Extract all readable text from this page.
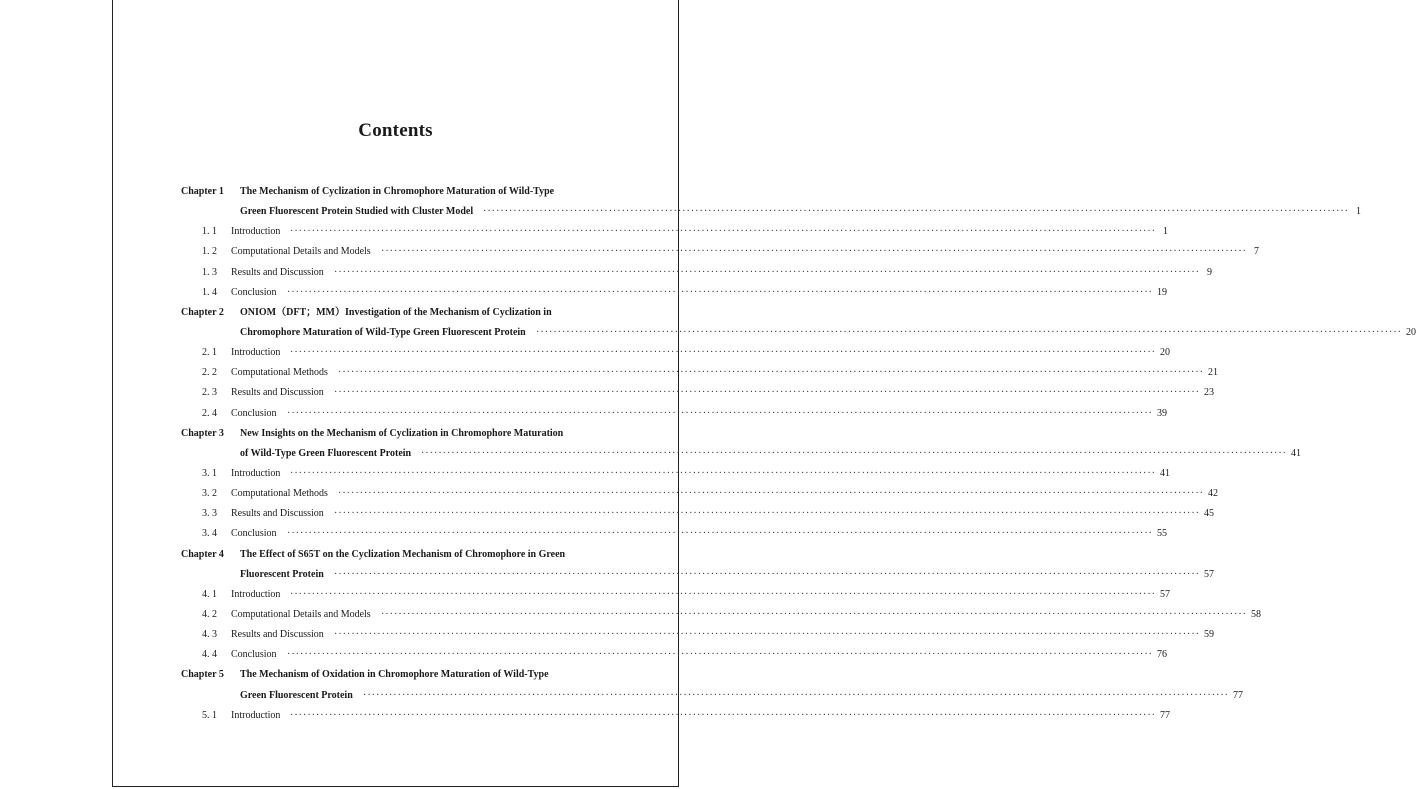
Contents
Chapter 1 The Mechanism of Cyclization in Chromophore Maturation of Wild-Type
Green Fluorescent Protein Studied with Cluster Model ········································································································································································································ 1
1. 1 Introduction ········································································································································································································ 1
1. 2 Computational Details and Models ········································································································································································································ 7
1. 3 Results and Discussion ········································································································································································································ 9
1. 4 Conclusion ········································································································································································································ 19
Chapter 2 ONIOM（DFT；MM）Investigation of the Mechanism of Cyclization in
Chromophore Maturation of Wild-Type Green Fluorescent Protein ········································································································································································································ 20
2. 1 Introduction ········································································································································································································ 20
2. 2 Computational Methods ········································································································································································································ 21
2. 3 Results and Discussion ········································································································································································································ 23
2. 4 Conclusion ········································································································································································································ 39
Chapter 3 New Insights on the Mechanism of Cyclization in Chromophore Maturation
of Wild-Type Green Fluorescent Protein ········································································································································································································ 41
3. 1 Introduction ········································································································································································································ 41
3. 2 Computational Methods ········································································································································································································ 42
3. 3 Results and Discussion ········································································································································································································ 45
3. 4 Conclusion ········································································································································································································ 55
Chapter 4 The Effect of S65T on the Cyclization Mechanism of Chromophore in Green
Fluorescent Protein ········································································································································································································ 57
4. 1 Introduction ········································································································································································································ 57
4. 2 Computational Details and Models ········································································································································································································ 58
4. 3 Results and Discussion ········································································································································································································ 59
4. 4 Conclusion ········································································································································································································ 76
Chapter 5 The Mechanism of Oxidation in Chromophore Maturation of Wild-Type
Green Fluorescent Protein ········································································································································································································ 77
5. 1 Introduction ········································································································································································································ 77
